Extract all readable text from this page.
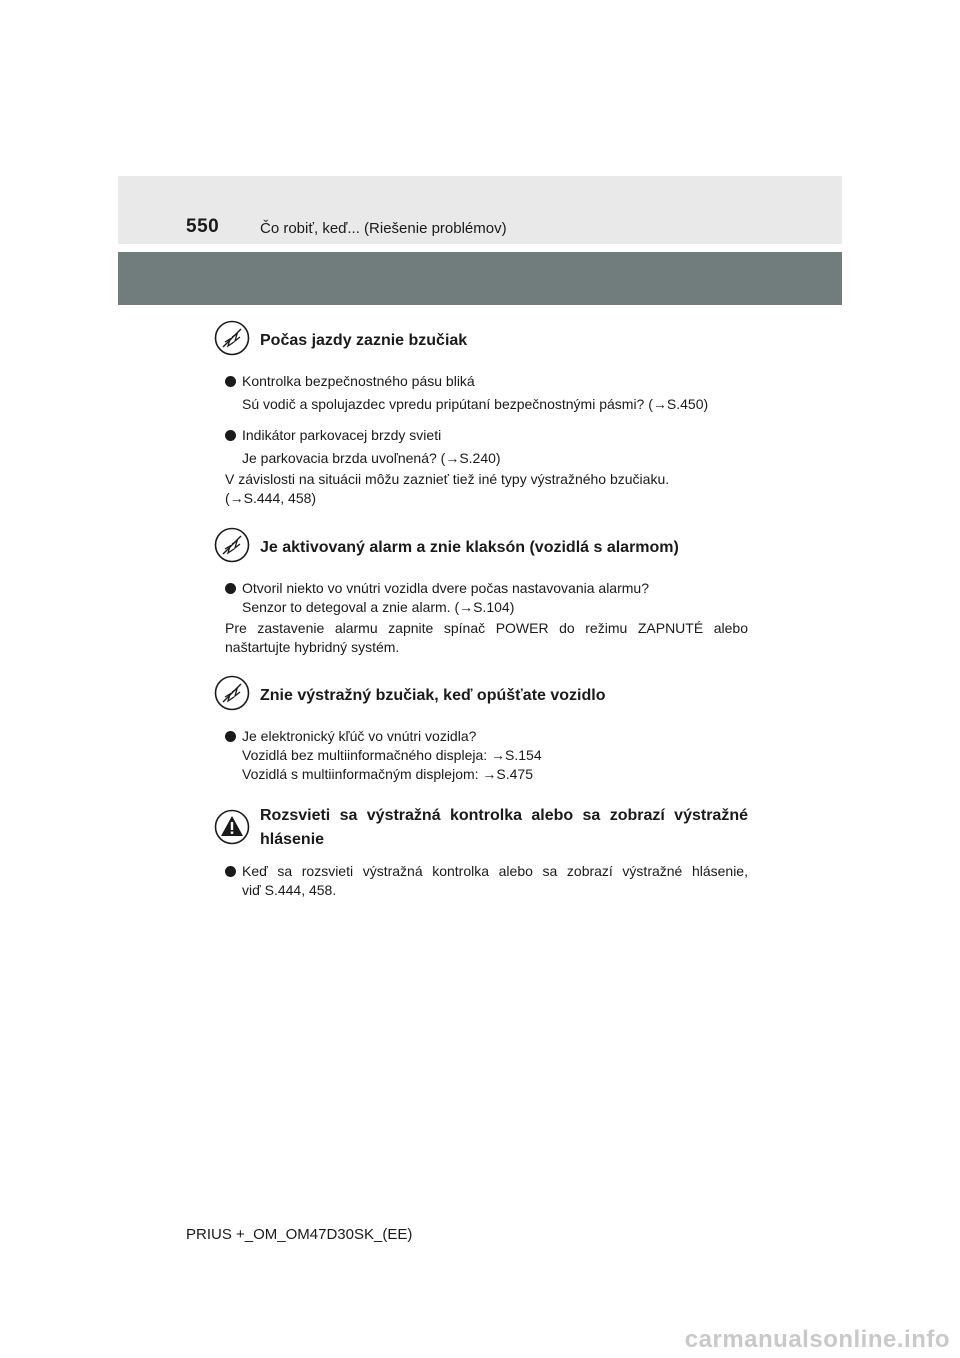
550	Čo robiť, keď... (Riešenie problémov)
Počas jazdy zaznie bzučiak
Kontrolka bezpečnostného pásu bliká
Sú vodič a spolujazdec vpredu pripútaní bezpečnostnými pásmi? (→S.450)
Indikátor parkovacej brzdy svieti
Je parkovacia brzda uvoľnená? (→S.240)
V závislosti na situácii môžu zaznieť tiež iné typy výstražného bzučiaku.
(→S.444, 458)
Je aktivovaný alarm a znie klaksón (vozidlá s alarmom)
Otvoril niekto vo vnútri vozidla dvere počas nastavovania alarmu?
Senzor to detegoval a znie alarm. (→S.104)
Pre zastavenie alarmu zapnite spínač POWER do režimu ZAPNUTÉ alebo
naštartujte hybridný systém.
Znie výstražný bzučiak, keď opúšťate vozidlo
Je elektronický kľúč vo vnútri vozidla?
Vozidlá bez multiinformačného displeja: →S.154
Vozidlá s multiinformačným displejom: →S.475
Rozsvieti sa výstražná kontrolka alebo sa zobrazí výstražné
hlásenie
Keď sa rozsvieti výstražná kontrolka alebo sa zobrazí výstražné hlásenie,
viď S.444, 458.
PRIUS +_OM_OM47D30SK_(EE)
carmanualsonline.info
